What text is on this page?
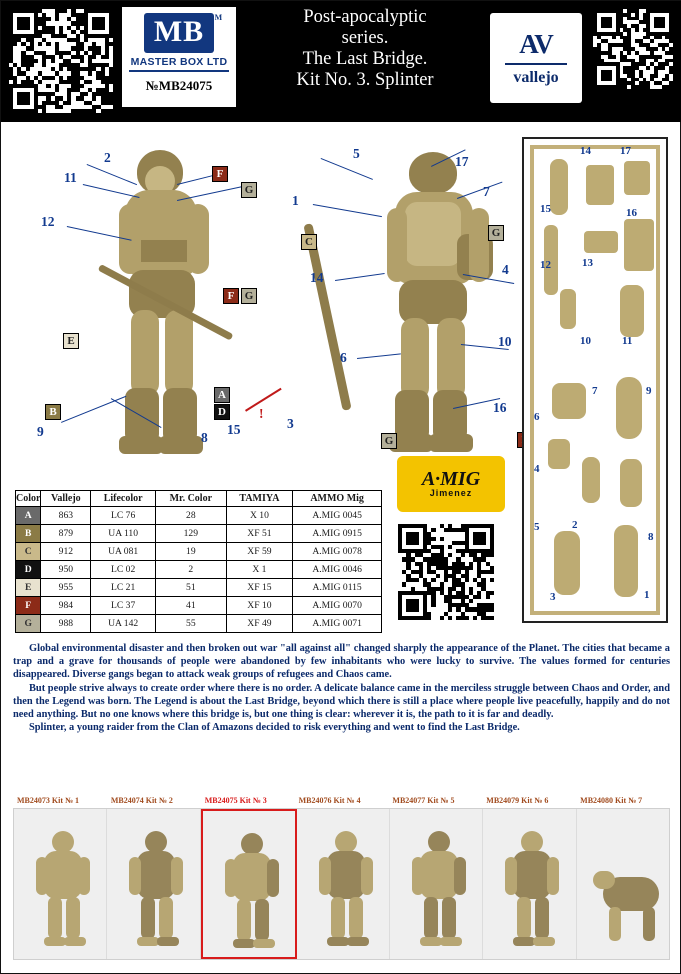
MB TM
MASTER BOX LTD
№MB24075
Post-apocalyptic
series.
The Last Bridge.
Kit No. 3. Splinter
AV
vallejo
11
2
12
9	8
5
17
1
7
14
4
6
10
16
3
15
!
F
G
C
G
F G
E
B
A
D
G
14	17
15	16
12	13
11
10
7	9
6
4
2
5
8
1
3
A·MIG
Jimenez
Color	Vallejo	Lifecolor	Mr. Color	TAMIYA	AMMO Mig
A	863	LC 76	28	X 10	A.MIG 0045
B	879	UA 110	129	XF 51	A.MIG 0915
C	912	UA 081	19	XF 59	A.MIG 0078
D	950	LC 02	2	X 1	A.MIG 0046
E	955	LC 21	51	XF 15	A.MIG 0115
F	984	LC 37	41	XF 10	A.MIG 0070
G	988	UA 142	55	XF 49	A.MIG 0071

Global environmental disaster and then broken out war "all against all" changed sharply the appearance of the Planet. The cities that became a trap and a grave for thousands of people were abandoned by few inhabitants who were lucky to survive. The values formed for centuries disappeared. Diverse gangs began to attack weak groups of refugees and Chaos came.

But people strive always to create order where there is no order. A delicate balance came in the merciless struggle between Chaos and Order, and then the Legend was born. The Legend is about the Last Bridge, beyond which there is still a place where people live peacefully, happily and do not need anything. But no one knows where this bridge is, but one thing is clear: wherever it is, the path to it is far and deadly.

Splinter, a young raider from the Clan of Amazons decided to risk everything and went to find the Last Bridge.

MB24073 Kit № 1	MB24074 Kit № 2	MB24075 Kit № 3	MB24076 Kit № 4	MB24077 Kit № 5	MB24079 Kit № 6	MB24080 Kit № 7
